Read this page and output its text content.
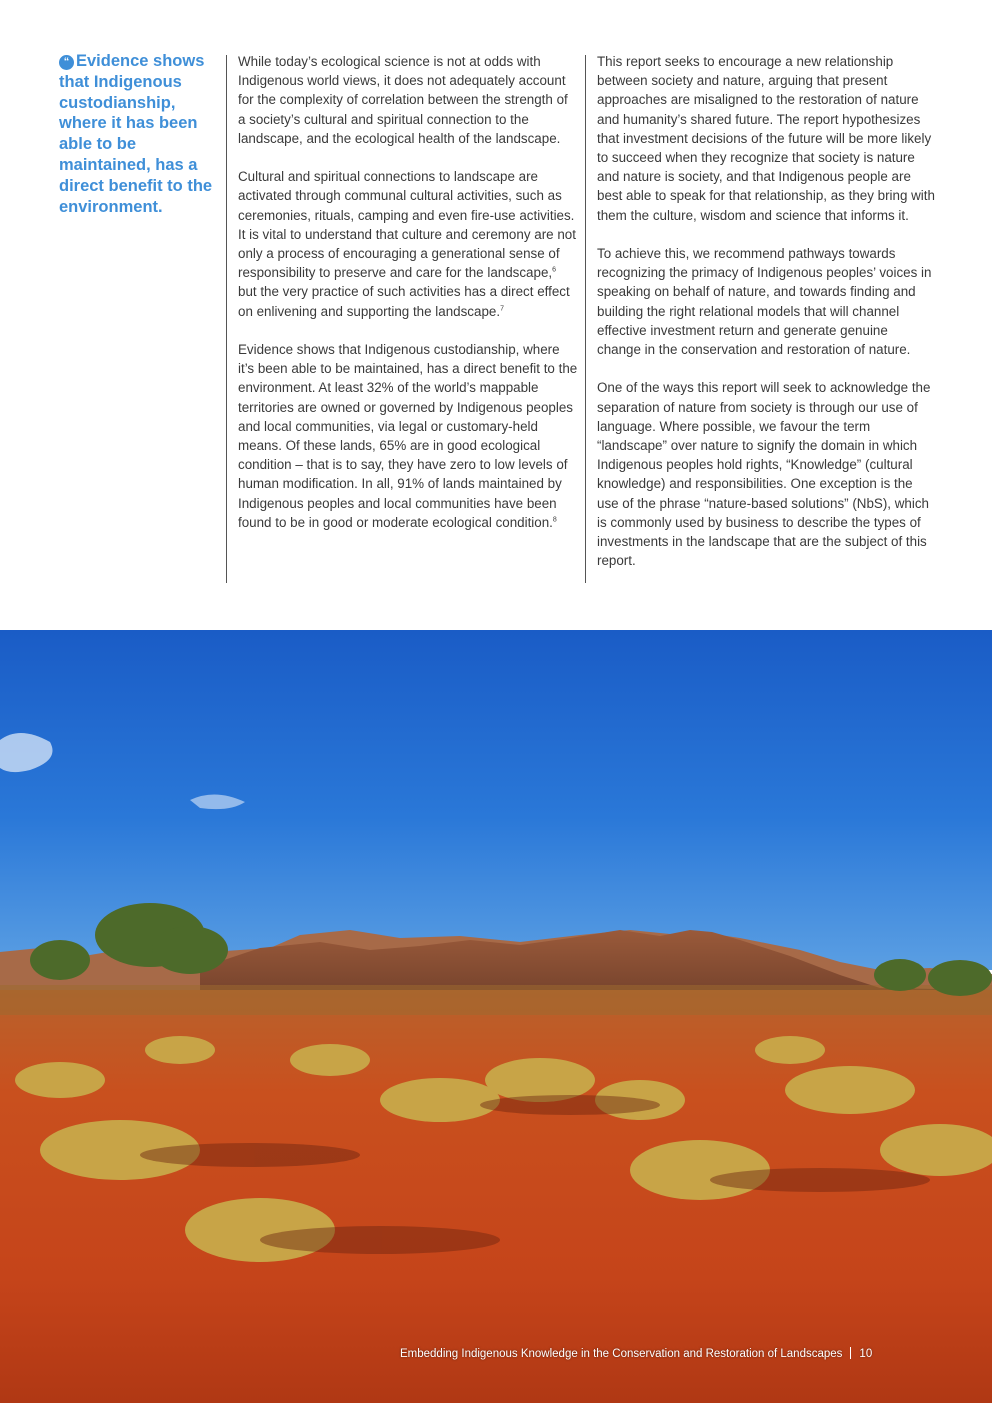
“ Evidence shows that Indigenous custodianship, where it has been able to be maintained, has a direct benefit to the environment.

While today’s ecological science is not at odds with Indigenous world views, it does not adequately account for the complexity of correlation between the strength of a society’s cultural and spiritual connection to the landscape, and the ecological health of the landscape.

Cultural and spiritual connections to landscape are activated through communal cultural activities, such as ceremonies, rituals, camping and even fire-use activities. It is vital to understand that culture and ceremony are not only a process of encouraging a generational sense of responsibility to preserve and care for the landscape,$^6$ but the very practice of such activities has a direct effect on enlivening and supporting the landscape.$^7$

Evidence shows that Indigenous custodianship, where it’s been able to be maintained, has a direct benefit to the environment. At least 32% of the world’s mappable territories are owned or governed by Indigenous peoples and local communities, via legal or customary-held means. Of these lands, 65% are in good ecological condition – that is to say, they have zero to low levels of human modification. In all, 91% of lands maintained by Indigenous peoples and local communities have been found to be in good or moderate ecological condition.$^8$

This report seeks to encourage a new relationship between society and nature, arguing that present approaches are misaligned to the restoration of nature and humanity’s shared future. The report hypothesizes that investment decisions of the future will be more likely to succeed when they recognize that society is nature and nature is society, and that Indigenous people are best able to speak for that relationship, as they bring with them the culture, wisdom and science that informs it.

To achieve this, we recommend pathways towards recognizing the primacy of Indigenous peoples’ voices in speaking on behalf of nature, and towards finding and building the right relational models that will channel effective investment return and generate genuine change in the conservation and restoration of nature.

One of the ways this report will seek to acknowledge the separation of nature from society is through our use of language. Where possible, we favour the term “landscape” over nature to signify the domain in which Indigenous peoples hold rights, “Knowledge” (cultural knowledge) and responsibilities. One exception is the use of the phrase “nature-based solutions” (NbS), which is commonly used by business to describe the types of investments in the landscape that are the subject of this report.

Embedding Indigenous Knowledge in the Conservation and Restoration of Landscapes 10
